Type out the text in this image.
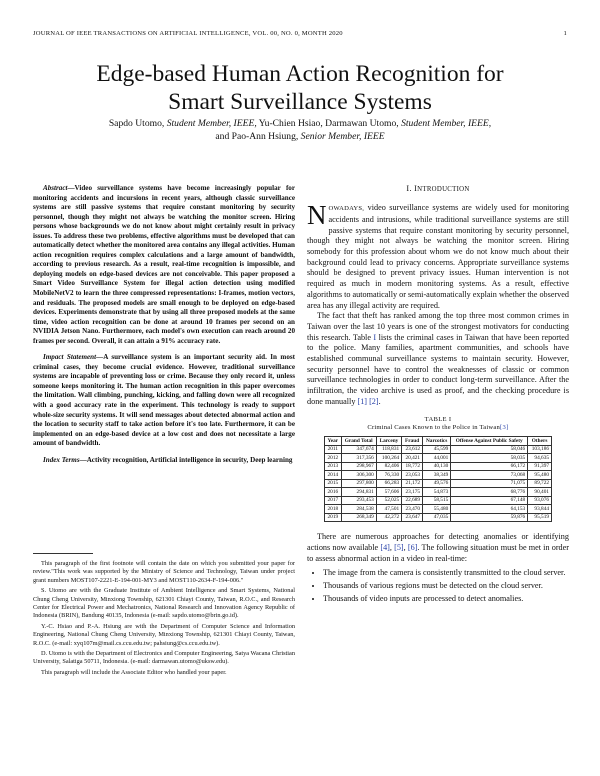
JOURNAL OF IEEE TRANSACTIONS ON ARTIFICIAL INTELLIGENCE, VOL. 00, NO. 0, MONTH 2020	1
Edge-based Human Action Recognition for
Smart Surveillance Systems
Sapdo Utomo, Student Member, IEEE, Yu-Chien Hsiao, Darmawan Utomo, Student Member, IEEE,
and Pao-Ann Hsiung, Senior Member, IEEE

Abstract—Video surveillance systems have become increasingly popular for monitoring accidents and incursions in recent years, although classic surveillance systems are still passive systems that require constant monitoring by security personnel, though they might not always be watching the monitor screen. Hiring persons whose backgrounds we do not know about might certainly result in privacy issues. To address these two problems, effective algorithms must be developed that can automatically detect whether the monitored area contains any illegal activities. Human action recognition requires complex calculations and a large amount of bandwidth, according to previous research. As a result, real-time recognition is impossible, and deploying models on edge-based devices are not conceivable. This paper proposed a Smart Video Surveillance System for illegal action detection using modified MobileNetV2 to learn the three compressed representations: I-frames, motion vectors, and residuals. The proposed models are small enough to be deployed on edge-based devices. Experiments demonstrate that by using all three proposed models at the same time, video action recognition can be done at around 10 frames per second on an NVIDIA Jetson Nano. Furthermore, each model's own execution can reach around 20 frames per second. Overall, it can attain a 91% accuracy rate.

Impact Statement—A surveillance system is an important security aid. In most criminal cases, they become crucial evidence. However, traditional surveillance systems are incapable of preventing loss or crime. Because they only record it, unless someone keeps monitoring it. The human action recognition in this paper overcomes the limitation. Wall climbing, punching, kicking, and falling down were all recognized with a good accuracy rate in the experiment. This technology is ready to support whole-size security systems. It will send messages about detected abnormal action and the location to security staff to take action before it's too late. Furthermore, it can be implemented on an edge-based device at a low cost and does not necessitate a large amount of bandwidth.

Index Terms—Activity recognition, Artificial intelligence in security, Deep learning

This paragraph of the first footnote will contain the date on which you submitted your paper for review."This work was supported by the Ministry of Science and Technology, Taiwan under project grant numbers MOST107-2221-E-194-001-MY3 and MOST110-2634-F-194-006."

S. Utomo are with the Graduate Institute of Ambient Intelligence and Smart Systems, National Chung Cheng University, Minxiong Township, 621301 Chiayi County, Taiwan, R.O.C., and Research Center for Electrical Power and Mechatronics, National Research and Innovation Agency Republic of Indonesia (BRIN), Bandung 40135, Indonesia (e-mail: sapdo.utomo@brin.go.id).

Y.-C. Hsiao and P.-A. Hsiung are with the Department of Computer Science and Information Engineering, National Chung Cheng University, Minxiong Township, 621301 Chiayi County, Taiwan, R.O.C. (e-mail: xyq107m@mail.cs.ccu.edu.tw; pahsiung@cs.ccu.edu.tw).

D. Utomo is with the Department of Electronics and Computer Engineering, Satya Wacana Christian University, Salatiga 50711, Indonesia. (e-mail: darmawan.utomo@uksw.edu).

This paragraph will include the Associate Editor who handled your paper.

I. INTRODUCTION

NOWADAYS, video surveillance systems are widely used for monitoring accidents and intrusions, while traditional surveillance systems are still passive systems that require constant monitoring by security personnel, though they might not always be watching the monitor screen. Hiring somebody for this profession about whom we do not know much about their background could lead to privacy concerns. Appropriate surveillance systems should be designed to prevent privacy issues. Human intervention is not required as much in modern monitoring systems. As a result, effective algorithms to automatically or semi-automatically explain whether the observed area has any illegal activity are required.

The fact that theft has ranked among the top three most common crimes in Taiwan over the last 10 years is one of the strongest motivators for conducting this research. Table I lists the criminal cases in Taiwan that have been reported to the police. Many families, apartment communities, and schools have established communal surveillance systems to maintain security. However, security personnel have to control the weaknesses of classic or common surveillance technologies in order to conduct long-term surveillance. After the infiltration, the video archive is used as proof, and the checking procedure is done manually [1] [2].

TABLE I
Criminal Cases Known to the Police in Taiwan[3]
Year	Grand Total	Larceny	Fraud	Narcotics	Offense Against Public Safety	Others
2011	347,674	118,831	23,612	45,599	58,046	103,186
2012	317,356	100,264	20,421	44,001	58,035	94,635
2013	298,967	82,406	18,772	40,130	66,172	91,397
2014	306,300	76,330	23,053	38,349	73,068	95,480
2015	297,800	66,283	21,172	49,576	71,075	89,722
2016	294,831	57,606	23,175	54,873	68,776	90,401
2017	293,453	52,025	22,689	58,515	67,148	93,076
2018	284,538	47,501	23,470	55,480	64,153	93,844
2019	268,349	42,272	23,647	47,035	59,876	95,519

There are numerous approaches for detecting anomalies or identifying actions now available [4], [5], [6]. The following situation must be met in order to assess abnormal action in a video in real-time:

• The image from the camera is consistently transmitted to the cloud server.
• Thousands of various regions must be detected on the cloud server.
• Thousands of video inputs are processed to detect anomalies.
